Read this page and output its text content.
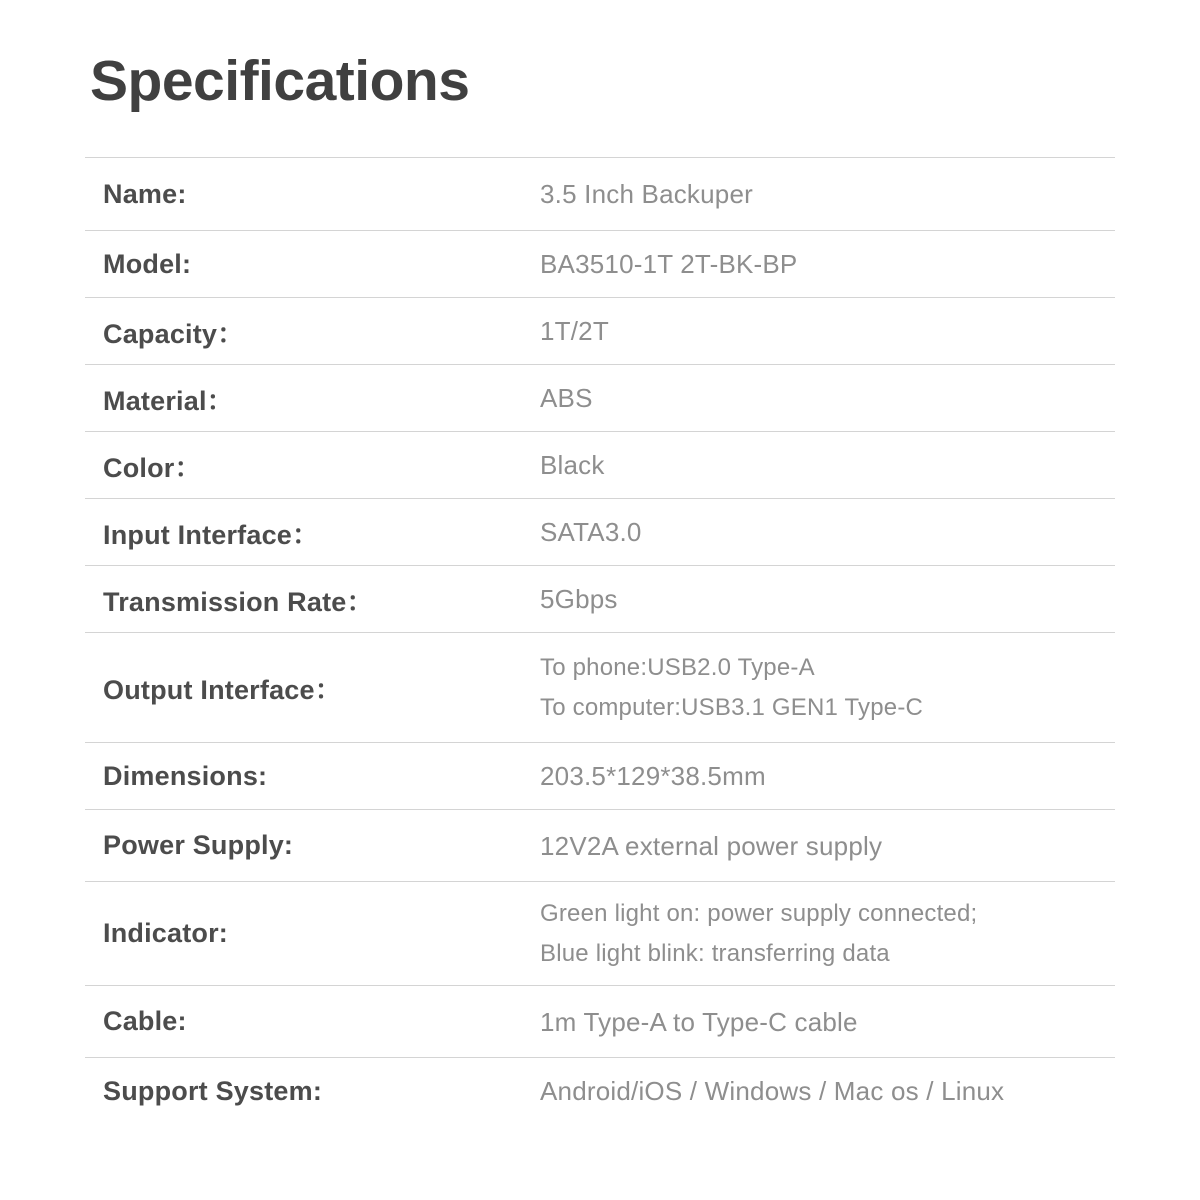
Specifications
Name:	3.5 Inch Backuper
Model:	BA3510-1T 2T-BK-BP
Capacity：	1T/2T
Material：	ABS
Color：	Black
Input Interface：	SATA3.0
Transmission Rate：	5Gbps
Output Interface：
To phone:USB2.0 Type-A
To computer:USB3.1 GEN1 Type-C
Dimensions:	203.5*129*38.5mm
Power Supply:	12V2A external power supply
Indicator:
Green light on: power supply connected;
Blue light blink: transferring data
Cable:	1m Type-A to Type-C cable
Support System:	Android/iOS / Windows / Mac os / Linux
